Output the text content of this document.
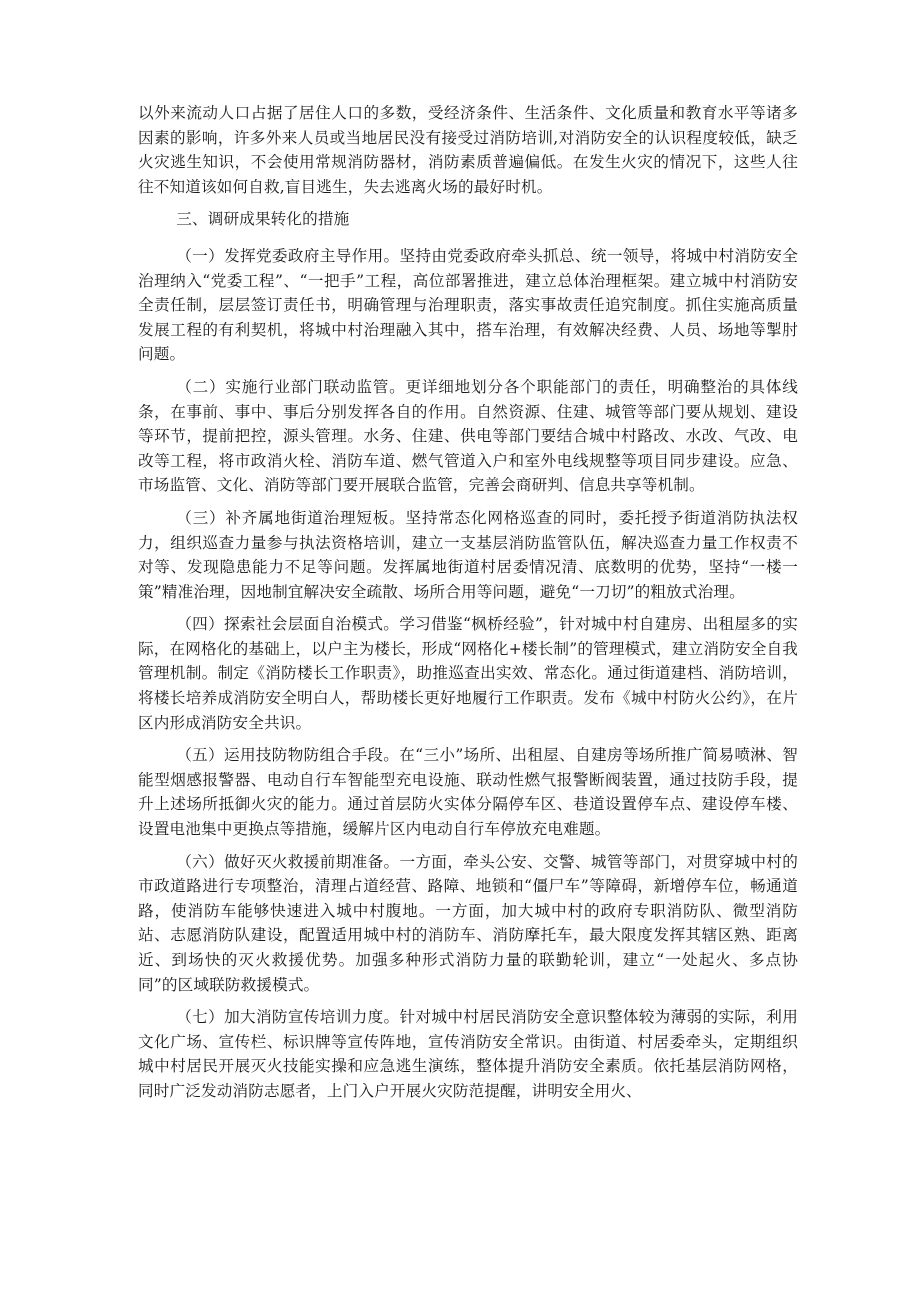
以外来流动人口占据了居住人口的多数，受经济条件、生活条件、文化质量和教育水平等诸多因素的影响，许多外来人员或当地居民没有接受过消防培训,对消防安全的认识程度较低，缺乏火灾逃生知识，不会使用常规消防器材，消防素质普遍偏低。在发生火灾的情况下，这些人往往不知道该如何自救,盲目逃生，失去逃离火场的最好时机。

三、调研成果转化的措施

（一）发挥党委政府主导作用。坚持由党委政府牵头抓总、统一领导，将城中村消防安全治理纳入“党委工程”、“一把手”工程，高位部署推进，建立总体治理框架。建立城中村消防安全责任制，层层签订责任书，明确管理与治理职责，落实事故责任追究制度。抓住实施高质量发展工程的有利契机，将城中村治理融入其中，搭车治理，有效解决经费、人员、场地等掣肘问题。

（二）实施行业部门联动监管。更详细地划分各个职能部门的责任，明确整治的具体线条，在事前、事中、事后分别发挥各自的作用。自然资源、住建、城管等部门要从规划、建设等环节，提前把控，源头管理。水务、住建、供电等部门要结合城中村路改、水改、气改、电改等工程，将市政消火栓、消防车道、燃气管道入户和室外电线规整等项目同步建设。应急、市场监管、文化、消防等部门要开展联合监管，完善会商研判、信息共享等机制。

（三）补齐属地街道治理短板。坚持常态化网格巡查的同时，委托授予街道消防执法权力，组织巡查力量参与执法资格培训，建立一支基层消防监管队伍，解决巡查力量工作权责不对等、发现隐患能力不足等问题。发挥属地街道村居委情况清、底数明的优势，坚持“一楼一策”精准治理，因地制宜解决安全疏散、场所合用等问题，避免“一刀切”的粗放式治理。

（四）探索社会层面自治模式。学习借鉴“枫桥经验”，针对城中村自建房、出租屋多的实际，在网格化的基础上，以户主为楼长，形成“网格化+楼长制”的管理模式，建立消防安全自我管理机制。制定《消防楼长工作职责》，助推巡查出实效、常态化。通过街道建档、消防培训，将楼长培养成消防安全明白人，帮助楼长更好地履行工作职责。发布《城中村防火公约》，在片区内形成消防安全共识。

（五）运用技防物防组合手段。在“三小”场所、出租屋、自建房等场所推广简易喷淋、智能型烟感报警器、电动自行车智能型充电设施、联动性燃气报警断阀装置，通过技防手段，提升上述场所抵御火灾的能力。通过首层防火实体分隔停车区、巷道设置停车点、建设停车楼、设置电池集中更换点等措施，缓解片区内电动自行车停放充电难题。

（六）做好灭火救援前期准备。一方面，牵头公安、交警、城管等部门，对贯穿城中村的市政道路进行专项整治，清理占道经营、路障、地锁和“僵尸车”等障碍，新增停车位，畅通道路，使消防车能够快速进入城中村腹地。一方面，加大城中村的政府专职消防队、微型消防站、志愿消防队建设，配置适用城中村的消防车、消防摩托车，最大限度发挥其辖区熟、距离近、到场快的灭火救援优势。加强多种形式消防力量的联勤轮训，建立“一处起火、多点协同”的区域联防救援模式。

（七）加大消防宣传培训力度。针对城中村居民消防安全意识整体较为薄弱的实际，利用文化广场、宣传栏、标识牌等宣传阵地，宣传消防安全常识。由街道、村居委牵头，定期组织城中村居民开展灭火技能实操和应急逃生演练，整体提升消防安全素质。依托基层消防网格，同时广泛发动消防志愿者，上门入户开展火灾防范提醒，讲明安全用火、
